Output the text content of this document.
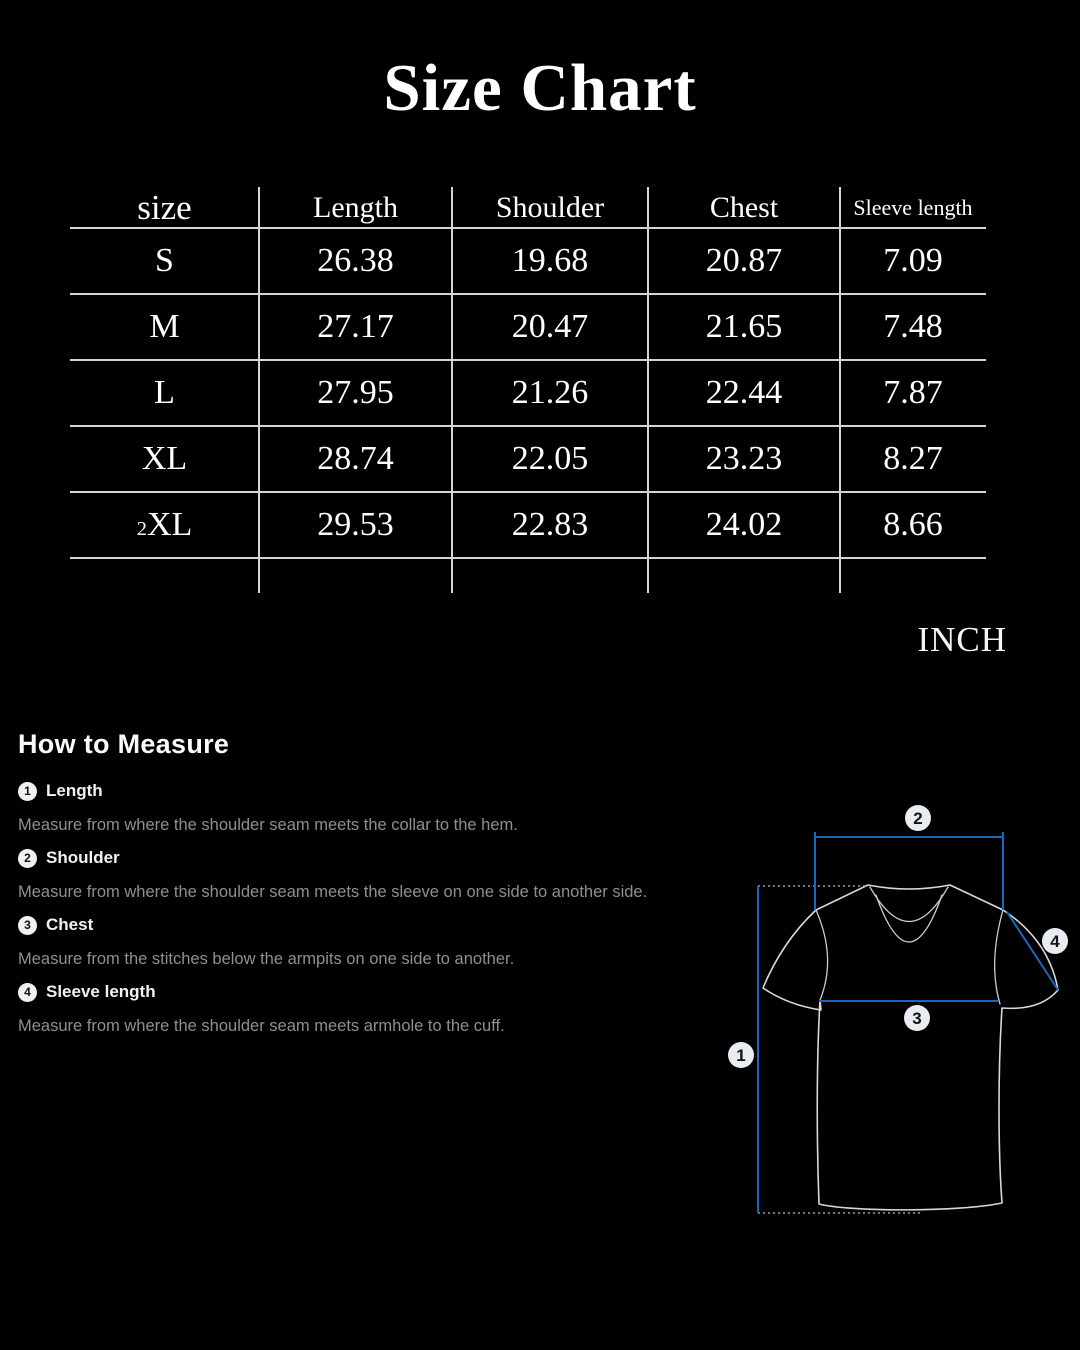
Size Chart
size	Length	Shoulder	Chest	Sleeve length
S	26.38	19.68	20.87	7.09
M	27.17	20.47	21.65	7.48
L	27.95	21.26	22.44	7.87
XL	28.74	22.05	23.23	8.27
2XL	29.53	22.83	24.02	8.66
INCH
How to Measure
1 Length
Measure from where the shoulder seam meets the collar to the hem.
2 Shoulder
Measure from where the shoulder seam meets the sleeve on one side to another side.
3 Chest
Measure from the stitches below the armpits on one side to another.
4 Sleeve length
Measure from where the shoulder seam meets armhole to the cuff.
1
2
3
4
